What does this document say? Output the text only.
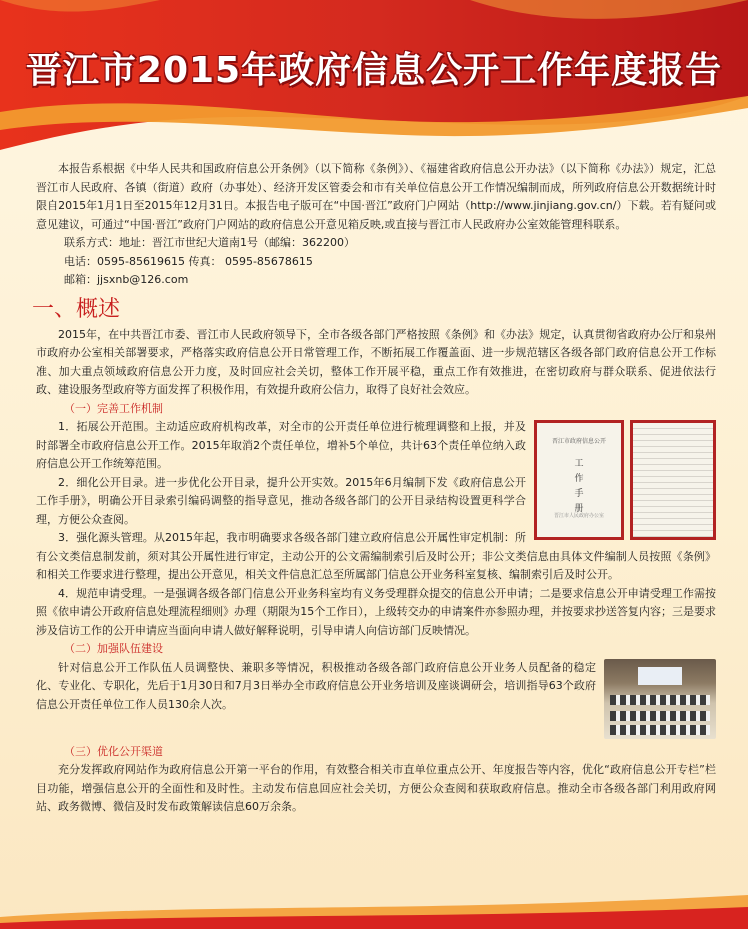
晋江市2015年政府信息公开工作年度报告

本报告系根据《中华人民共和国政府信息公开条例》（以下简称《条例》）、《福建省政府信息公开办法》（以下简称《办法》）规定，汇总晋江市人民政府、各镇（街道）政府（办事处）、经济开发区管委会和市有关单位信息公开工作情况编制而成，所列政府信息公开数据统计时限自2015年1月1日至2015年12月31日。本报告电子版可在“中国·晋江”政府门户网站（http://www.jinjiang.gov.cn/）下载。若有疑问或意见建议，可通过“中国·晋江”政府门户网站的政府信息公开意见箱反映,或直接与晋江市人民政府办公室效能管理科联系。

联系方式：地址：晋江市世纪大道南1号（邮编：362200）

电话：0595-85619615 传真： 0595-85678615

邮箱：jjsxnb@126.com

一、概述

2015年，在中共晋江市委、晋江市人民政府领导下，全市各级各部门严格按照《条例》和《办法》规定，认真贯彻省政府办公厅和泉州市政府办公室相关部署要求，严格落实政府信息公开日常管理工作，不断拓展工作覆盖面、进一步规范辖区各级各部门政府信息公开工作标准、加大重点领域政府信息公开力度，及时回应社会关切，整体工作开展平稳，重点工作有效推进，在密切政府与群众联系、促进依法行政、建设服务型政府等方面发挥了积极作用，有效提升政府公信力，取得了良好社会效应。

（一）完善工作机制
晋江市政府信息公开
工作手册
晋江市人民政府办公室

1．拓展公开范围。主动适应政府机构改革，对全市的公开责任单位进行梳理调整和上报，并及时部署全市政府信息公开工作。2015年取消2个责任单位，增补5个单位，共计63个责任单位纳入政府信息公开工作统筹范围。

2．细化公开目录。进一步优化公开目录，提升公开实效。2015年6月编制下发《政府信息公开工作手册》，明确公开目录索引编码调整的指导意见，推动各级各部门的公开目录结构设置更科学合理，方便公众查阅。

3．强化源头管理。从2015年起，我市明确要求各级各部门建立政府信息公开属性审定机制：所有公文类信息制发前，须对其公开属性进行审定，主动公开的公文需编制索引后及时公开；非公文类信息由具体文件编制人员按照《条例》和相关工作要求进行整理，提出公开意见，相关文件信息汇总至所属部门信息公开业务科室复核、编制索引后及时公开。

4．规范申请受理。一是强调各级各部门信息公开业务科室均有义务受理群众提交的信息公开申请；二是要求信息公开申请受理工作需按照《依申请公开政府信息处理流程细则》办理（期限为15个工作日），上级转交办的申请案件亦参照办理，并按要求抄送答复内容；三是要求涉及信访工作的公开申请应当面向申请人做好解释说明，引导申请人向信访部门反映情况。

（二）加强队伍建设

针对信息公开工作队伍人员调整快、兼职多等情况，积极推动各级各部门政府信息公开业务人员配备的稳定化、专业化、专职化，先后于1月30日和7月3日举办全市政府信息公开业务培训及座谈调研会，培训指导63个政府信息公开责任单位工作人员130余人次。

（三）优化公开渠道

充分发挥政府网站作为政府信息公开第一平台的作用，有效整合相关市直单位重点公开、年度报告等内容，优化“政府信息公开专栏”栏目功能，增强信息公开的全面性和及时性。主动发布信息回应社会关切，方便公众查阅和获取政府信息。推动全市各级各部门利用政府网站、政务微博、微信及时发布政策解读信息60万余条。
